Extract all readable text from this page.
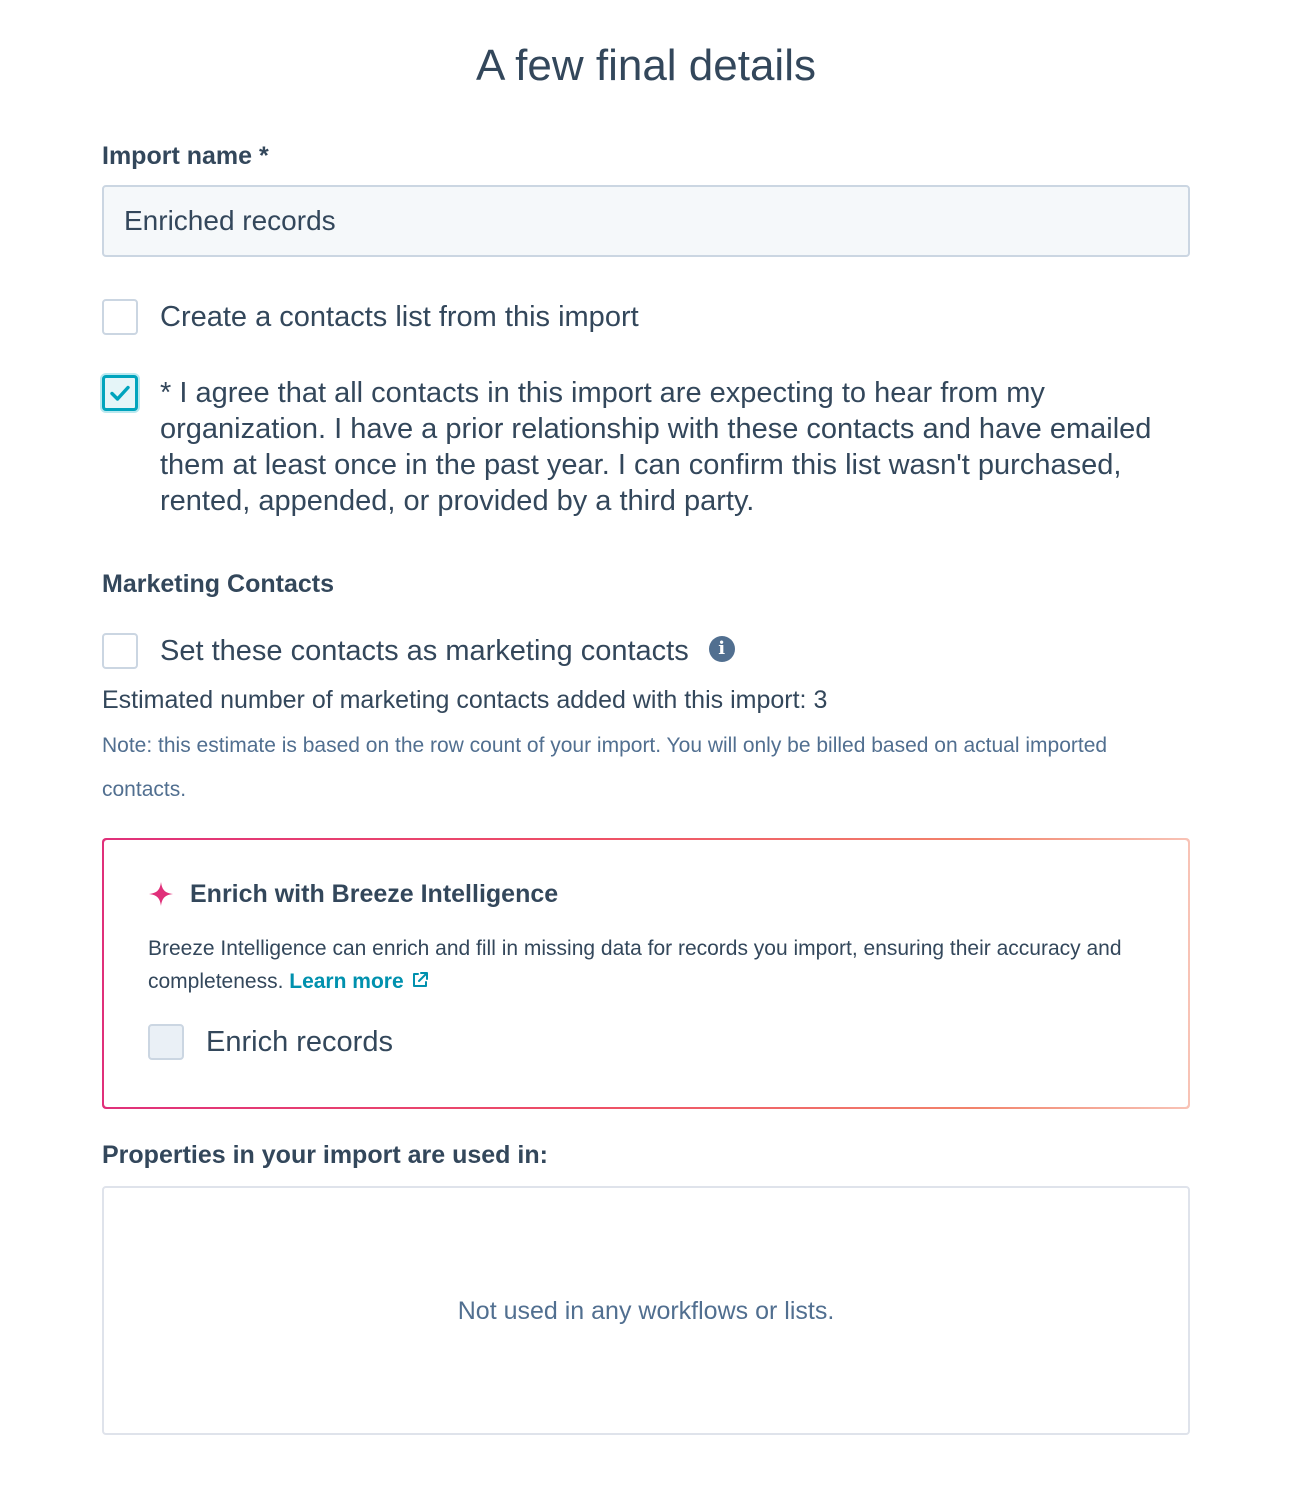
A few final details
Import name *
Enriched records
Create a contacts list from this import
* I agree that all contacts in this import are expecting to hear from my organization. I have a prior relationship with these contacts and have emailed them at least once in the past year. I can confirm this list wasn't purchased, rented, appended, or provided by a third party.
Marketing Contacts
Set these contacts as marketing contacts i
Estimated number of marketing contacts added with this import: 3
Note: this estimate is based on the row count of your import. You will only be billed based on actual imported contacts.
Enrich with Breeze Intelligence
Breeze Intelligence can enrich and fill in missing data for records you import, ensuring their accuracy and completeness. Learn more
Enrich records
Properties in your import are used in:
Not used in any workflows or lists.
